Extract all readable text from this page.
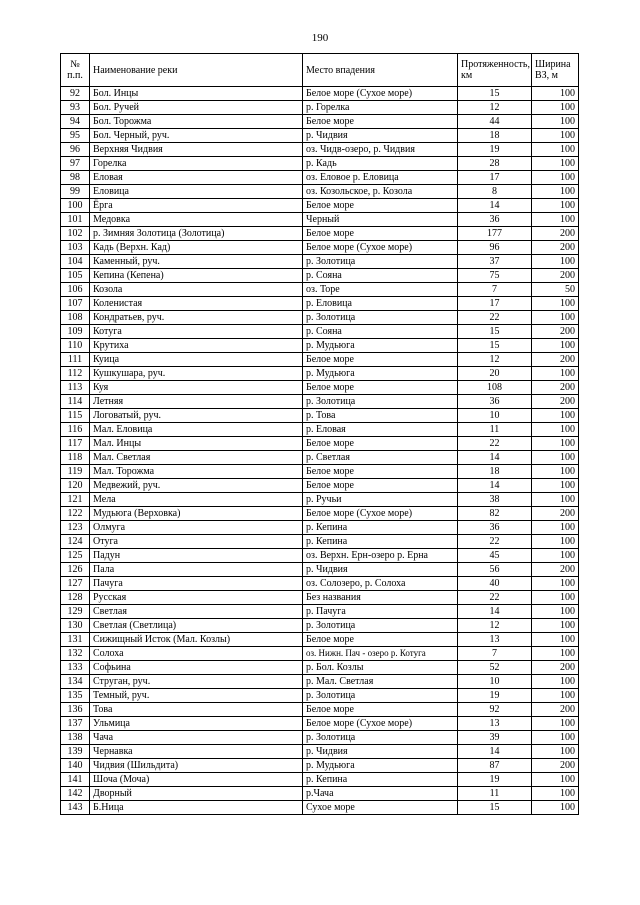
190
№ п.п.	Наименование реки	Место впадения	Протяженность, км	Ширина ВЗ, м
92	Бол. Инцы	Белое море (Сухое море)	15	100
93	Бол. Ручей	р. Горелка	12	100
94	Бол. Торожма	Белое море	44	100
95	Бол. Черный, руч.	р. Чидвия	18	100
96	Верхняя Чидвия	оз. Чидв-озеро, р. Чидвия	19	100
97	Горелка	р. Кадь	28	100
98	Еловая	оз. Еловое р. Еловица	17	100
99	Еловица	оз. Козольское, р. Козола	8	100
100	Ёрга	Белое море	14	100
101	Медовка	Черный	36	100
102	р. Зимняя Золотица (Золотица)	Белое море	177	200
103	Кадь (Верхн. Кад)	Белое море (Сухое море)	96	200
104	Каменный, руч.	р. Золотица	37	100
105	Кепина (Кепена)	р. Сояна	75	200
106	Козола	оз. Торе	7	50
107	Коленистая	р. Еловица	17	100
108	Кондратьев, руч.	р. Золотица	22	100
109	Котуга	р. Сояна	15	200
110	Крутиха	р. Мудьюга	15	100
111	Куица	Белое море	12	200
112	Кушкушара, руч.	р. Мудьюга	20	100
113	Куя	Белое море	108	200
114	Летняя	р. Золотица	36	200
115	Логоватый, руч.	р. Това	10	100
116	Мал. Еловица	р. Еловая	11	100
117	Мал. Инцы	Белое море	22	100
118	Мал. Светлая	р. Светлая	14	100
119	Мал. Торожма	Белое море	18	100
120	Медвежий, руч.	Белое море	14	100
121	Мела	р. Ручьи	38	100
122	Мудьюга (Верховка)	Белое море (Сухое море)	82	200
123	Олмуга	р. Кепина	36	100
124	Отуга	р. Кепина	22	100
125	Падун	оз. Верхн. Ерн-озеро р. Ерна	45	100
126	Пала	р. Чидвия	56	200
127	Пачуга	оз. Солозеро, р. Солоха	40	100
128	Русская	Без названия	22	100
129	Светлая	р. Пачуга	14	100
130	Светлая (Светлица)	р. Золотица	12	100
131	Сижищный Исток (Мал. Козлы)	Белое море	13	100
132	Солоха	оз. Нижн. Пач - озеро р. Котуга	7	100
133	Софьина	р. Бол. Козлы	52	200
134	Струган, руч.	р. Мал. Светлая	10	100
135	Темный, руч.	р. Золотица	19	100
136	Това	Белое море	92	200
137	Ульмица	Белое море (Сухое море)	13	100
138	Чача	р. Золотица	39	100
139	Чернавка	р. Чидвия	14	100
140	Чидвия (Шильдита)	р. Мудьюга	87	200
141	Шоча (Моча)	р. Кепина	19	100
142	Дворный	р.Чача	11	100
143	Б.Ница	Сухое море	15	100
